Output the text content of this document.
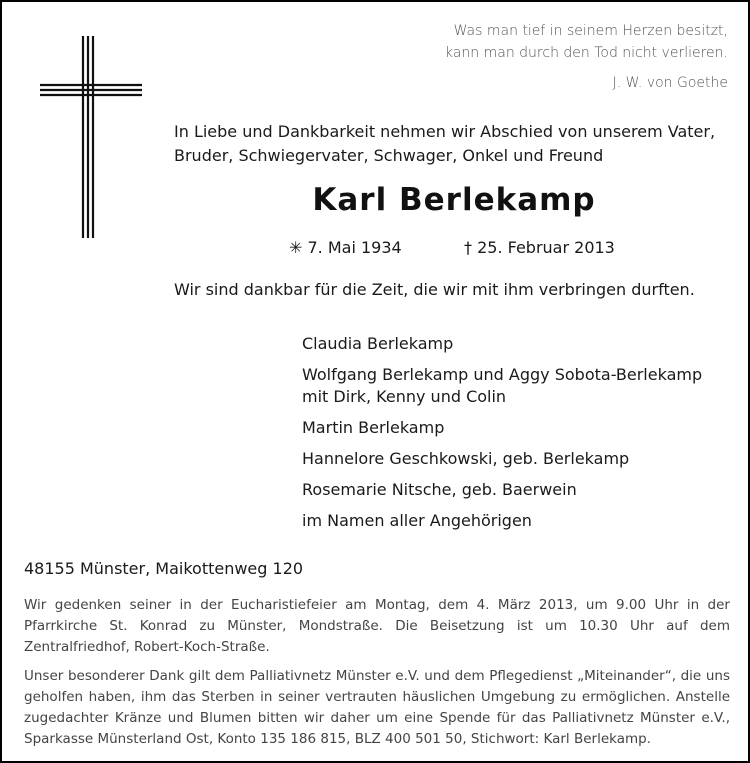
Was man tief in seinem Herzen besitzt,
kann man durch den Tod nicht verlieren.
J. W. von Goethe
In Liebe und Dankbarkeit nehmen wir Abschied von unserem Vater, Bruder, Schwiegervater, Schwager, Onkel und Freund
Karl Berlekamp
✳ 7. Mai 1934	† 25. Februar 2013
Wir sind dankbar für die Zeit, die wir mit ihm verbringen durften.
Claudia Berlekamp
Wolfgang Berlekamp und Aggy Sobota-Berlekamp
mit Dirk, Kenny und Colin
Martin Berlekamp
Hannelore Geschkowski, geb. Berlekamp
Rosemarie Nitsche, geb. Baerwein
im Namen aller Angehörigen
48155 Münster, Maikottenweg 120
Wir gedenken seiner in der Eucharistiefeier am Montag, dem 4. März 2013, um 9.00 Uhr in der Pfarrkirche St. Konrad zu Münster, Mondstraße. Die Beisetzung ist um 10.30 Uhr auf dem Zentralfriedhof, Robert-Koch-Straße.
Unser besonderer Dank gilt dem Palliativnetz Münster e.V. und dem Pflegedienst „Miteinander“, die uns geholfen haben, ihm das Sterben in seiner vertrauten häuslichen Umgebung zu ermöglichen. Anstelle zugedachter Kränze und Blumen bitten wir daher um eine Spende für das Palliativnetz Münster e.V., Sparkasse Münsterland Ost, Konto 135 186 815, BLZ 400 501 50, Stichwort: Karl Berlekamp.
